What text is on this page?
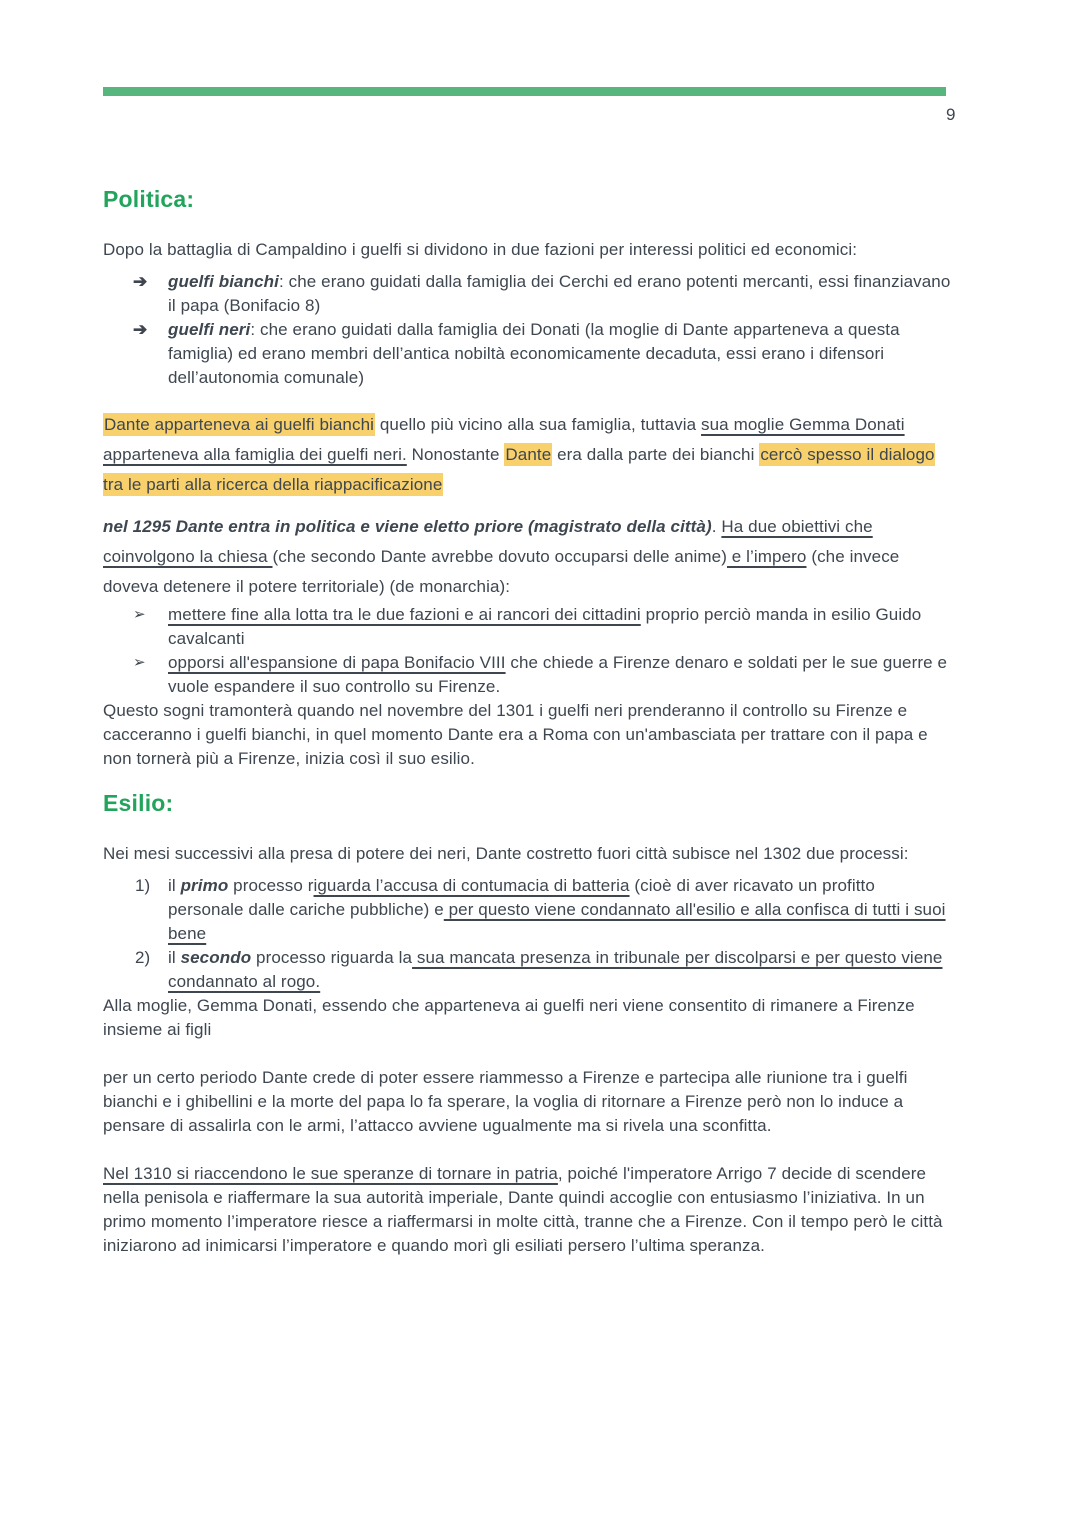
9
Politica:

Dopo la battaglia di Campaldino i guelfi si dividono in due fazioni per interessi politici ed economici:

➔ guelfi bianchi: che erano guidati dalla famiglia dei Cerchi ed erano potenti mercanti, essi finanziavano il papa (Bonifacio 8)
➔ guelfi neri: che erano guidati dalla famiglia dei Donati (la moglie di Dante apparteneva a questa famiglia) ed erano membri dell’antica nobiltà economicamente decaduta, essi erano i difensori dell’autonomia comunale)

Dante apparteneva ai guelfi bianchi quello più vicino alla sua famiglia, tuttavia sua moglie Gemma Donati apparteneva alla famiglia dei guelfi neri. Nonostante Dante era dalla parte dei bianchi cercò spesso il dialogo tra le parti alla ricerca della riappacificazione

nel 1295 Dante entra in politica e viene eletto priore (magistrato della città). Ha due obiettivi che coinvolgono la chiesa (che secondo Dante avrebbe dovuto occuparsi delle anime) e l’impero (che invece doveva detenere il potere territoriale) (de monarchia):

➢ mettere fine alla lotta tra le due fazioni e ai rancori dei cittadini proprio perciò manda in esilio Guido cavalcanti
➢ opporsi all'espansione di papa Bonifacio VIII che chiede a Firenze denaro e soldati per le sue guerre e vuole espandere il suo controllo su Firenze.

Questo sogni tramonterà quando nel novembre del 1301 i guelfi neri prenderanno il controllo su Firenze e cacceranno i guelfi bianchi, in quel momento Dante era a Roma con un'ambasciata per trattare con il papa e non tornerà più a Firenze, inizia così il suo esilio.

Esilio:

Nei mesi successivi alla presa di potere dei neri, Dante costretto fuori città subisce nel 1302 due processi:

1) il primo processo riguarda l’accusa di contumacia di batteria (cioè di aver ricavato un profitto personale dalle cariche pubbliche) e per questo viene condannato all'esilio e alla confisca di tutti i suoi bene
2) il secondo processo riguarda la sua mancata presenza in tribunale per discolparsi e per questo viene condannato al rogo.

Alla moglie, Gemma Donati, essendo che apparteneva ai guelfi neri viene consentito di rimanere a Firenze insieme ai figli

per un certo periodo Dante crede di poter essere riammesso a Firenze e partecipa alle riunione tra i guelfi bianchi e i ghibellini e la morte del papa lo fa sperare, la voglia di ritornare a Firenze però non lo induce a pensare di assalirla con le armi, l’attacco avviene ugualmente ma si rivela una sconfitta.

Nel 1310 si riaccendono le sue speranze di tornare in patria, poiché l'imperatore Arrigo 7 decide di scendere nella penisola e riaffermare la sua autorità imperiale, Dante quindi accoglie con entusiasmo l’iniziativa. In un primo momento l’imperatore riesce a riaffermarsi in molte città, tranne che a Firenze. Con il tempo però le città iniziarono ad inimicarsi l’imperatore e quando morì gli esiliati persero l’ultima speranza.
